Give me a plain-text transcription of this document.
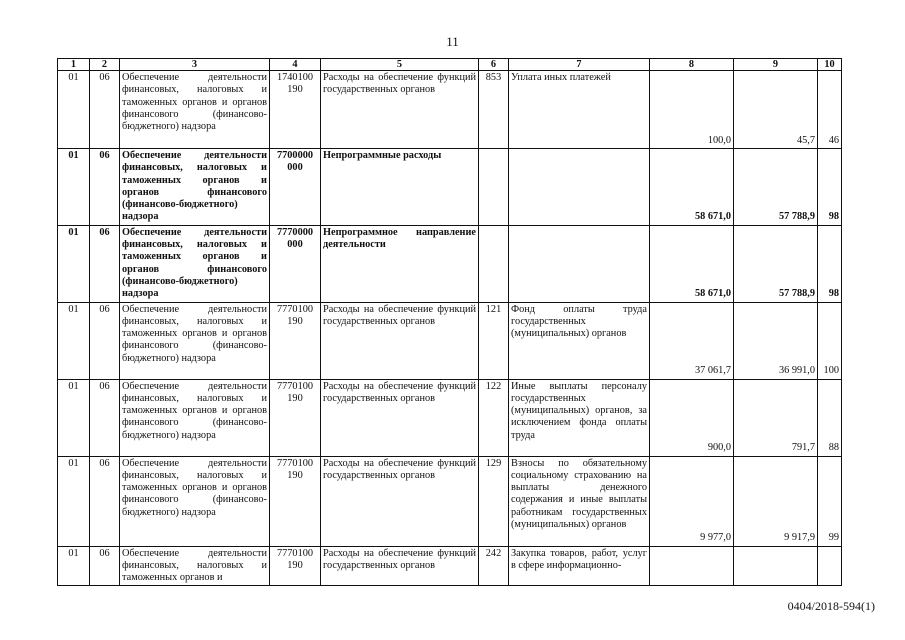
11
1	2	3	4	5	6	7	8	9	10
01	06	Обеспечение деятельности финансовых, налоговых и таможенных органов и органов финансового (финансово-бюджетного) надзора	1740100 190	Расходы на обеспечение функций государственных органов	853	Уплата иных платежей	100,0	45,7	46
01	06	Обеспечение деятельности финансовых, налоговых и таможенных органов и органов финансового (финансово-бюджетного) надзора	7700000 000	Непрограммные расходы			58 671,0	57 788,9	98
01	06	Обеспечение деятельности финансовых, налоговых и таможенных органов и органов финансового (финансово-бюджетного) надзора	7770000 000	Непрограммное направление деятельности			58 671,0	57 788,9	98
01	06	Обеспечение деятельности финансовых, налоговых и таможенных органов и органов финансового (финансово-бюджетного) надзора	7770100 190	Расходы на обеспечение функций государственных органов	121	Фонд оплаты труда государственных (муниципальных) органов	37 061,7	36 991,0	100
01	06	Обеспечение деятельности финансовых, налоговых и таможенных органов и органов финансового (финансово-бюджетного) надзора	7770100 190	Расходы на обеспечение функций государственных органов	122	Иные выплаты персоналу государственных (муниципальных) органов, за исключением фонда оплаты труда	900,0	791,7	88
01	06	Обеспечение деятельности финансовых, налоговых и таможенных органов и органов финансового (финансово-бюджетного) надзора	7770100 190	Расходы на обеспечение функций государственных органов	129	Взносы по обязательному социальному страхованию на выплаты денежного содержания и иные выплаты работникам государственных (муниципальных) органов	9 977,0	9 917,9	99
01	06	Обеспечение деятельности финансовых, налоговых и таможенных органов и	7770100 190	Расходы на обеспечение функций государственных органов	242	Закупка товаров, работ, услуг в сфере информационно-			
0404/2018-594(1)
